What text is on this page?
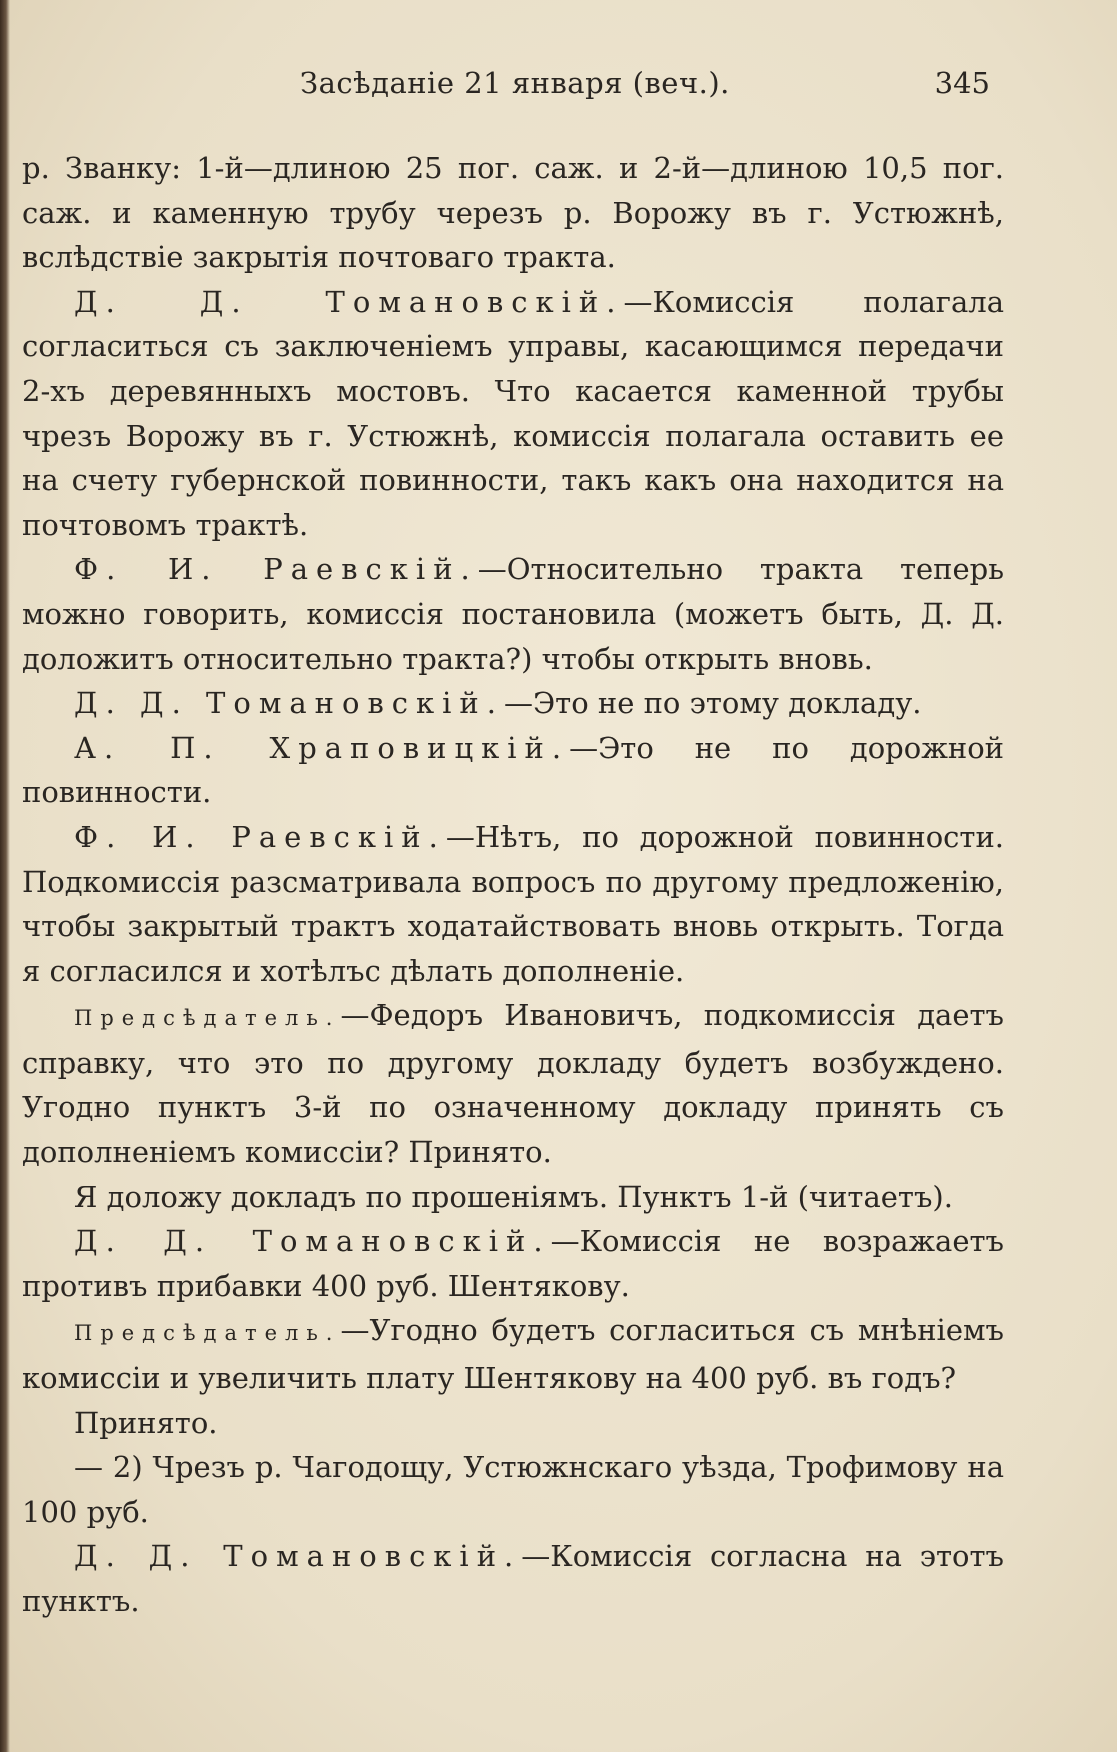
Засѣданіе 21 января (веч.).	345

р. Званку: 1-й—длиною 25 пог. саж. и 2-й—длиною 10,5 пог. саж. и каменную трубу черезъ р. Ворожу въ г. Устюжнѣ, вслѣдствіе закрытія почтоваго тракта.

Д. Д. Томановскій.—Комиссія полагала согласиться съ заключеніемъ управы, касающимся передачи 2-хъ деревянныхъ мостовъ. Что касается каменной трубы чрезъ Ворожу въ г. Устюжнѣ, комиссія полагала оставить ее на счету губернской повинности, такъ какъ она находится на почтовомъ трактѣ.

Ф. И. Раевскій.—Относительно тракта теперь можно говорить, комиссія постановила (можетъ быть, Д. Д. доложитъ относительно тракта?) чтобы открыть вновь.

Д. Д. Томановскій.—Это не по этому докладу.

А. П. Храповицкій.—Это не по дорожной повинности.

Ф. И. Раевскій.—Нѣтъ, по дорожной повинности. Подкомиссія разсматривала вопросъ по другому предложенію, чтобы закрытый трактъ ходатайствовать вновь открыть. Тогда я согласился и хотѣлъс дѣлать дополненіе.

Предсѣдатель.—Федоръ Ивановичъ, подкомиссія даетъ справку, что это по другому докладу будетъ возбуждено. Угодно пунктъ 3-й по означенному докладу принять съ дополненіемъ комиссіи? Принято.

Я доложу докладъ по прошеніямъ. Пунктъ 1-й (читаетъ).

Д. Д. Томановскій.—Комиссія не возражаетъ противъ прибавки 400 руб. Шентякову.

Предсѣдатель.—Угодно будетъ согласиться съ мнѣніемъ комиссіи и увеличить плату Шентякову на 400 руб. въ годъ?

Принято.

— 2) Чрезъ р. Чагодощу, Устюжнскаго уѣзда, Трофимову на 100 руб.

Д. Д. Томановскій.—Комиссія согласна на этотъ пунктъ.
